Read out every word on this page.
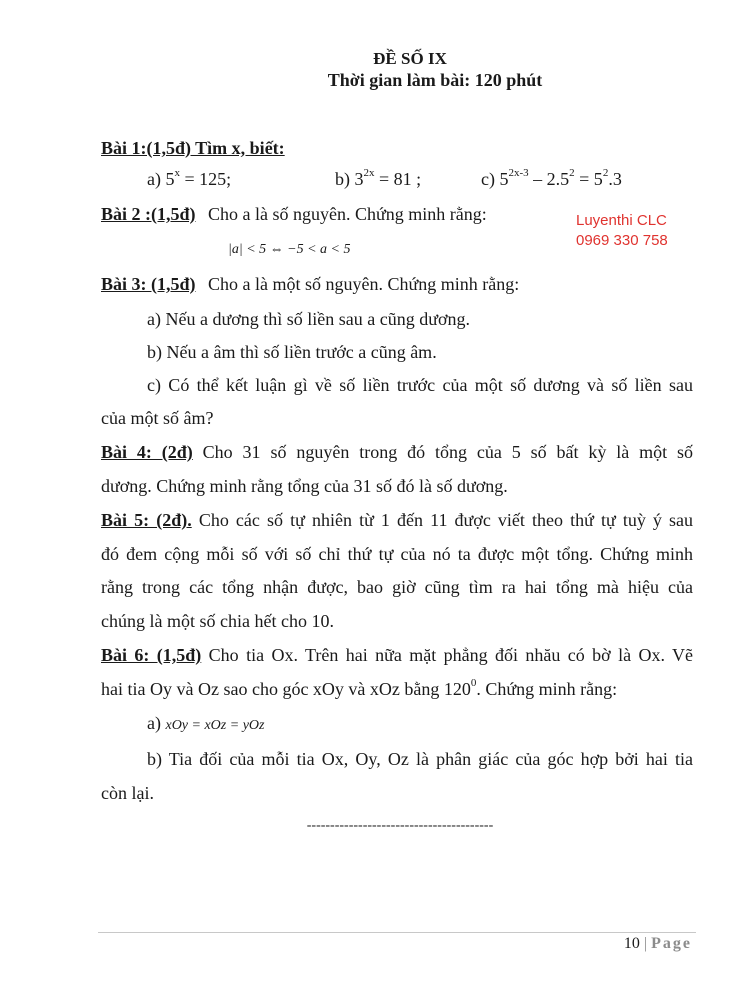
ĐỀ SỐ IX
Thời gian làm bài: 120 phút
Bài 1:(1,5đ) Tìm x, biết:
a) $5^x = 125$;	b) $3^{2x} = 81$ ;	c) $5^{2x-3} - 2.5^2 = 5^2.3$
Bài 2 :(1,5đ) Cho a là số nguyên. Chứng minh rằng:
|a| < 5 ⇔ −5 < a < 5
Luyenthi CLC
0969 330 758
Bài 3: (1,5đ) Cho a là một số nguyên. Chứng minh rằng:
a) Nếu a dương thì số liền sau a cũng dương.
b) Nếu a âm thì số liền trước a cũng âm.
c) Có thể kết luận gì về số liền trước của một số dương và số liền sau
của một số âm?
Bài 4: (2đ) Cho 31 số nguyên trong đó tổng của 5 số bất kỳ là một số
dương. Chứng minh rằng tổng của 31 số đó là số dương.
Bài 5: (2đ). Cho các số tự nhiên từ 1 đến 11 được viết theo thứ tự tuỳ ý sau
đó đem cộng mỗi số với số chỉ thứ tự của nó ta được một tổng. Chứng minh
rằng trong các tổng nhận được, bao giờ cũng tìm ra hai tổng mà hiệu của
chúng là một số chia hết cho 10.
Bài 6: (1,5đ) Cho tia Ox. Trên hai nữa mặt phẳng đối nhău có bờ là Ox. Vẽ
hai tia Oy và Oz sao cho góc xOy và xOz bằng $120^0$. Chứng minh rằng:
a) xOy = xOz = yOz
b) Tia đối của mỗi tia Ox, Oy, Oz là phân giác của góc hợp bởi hai tia
còn lại.
----------------------------------------
10 | Page
